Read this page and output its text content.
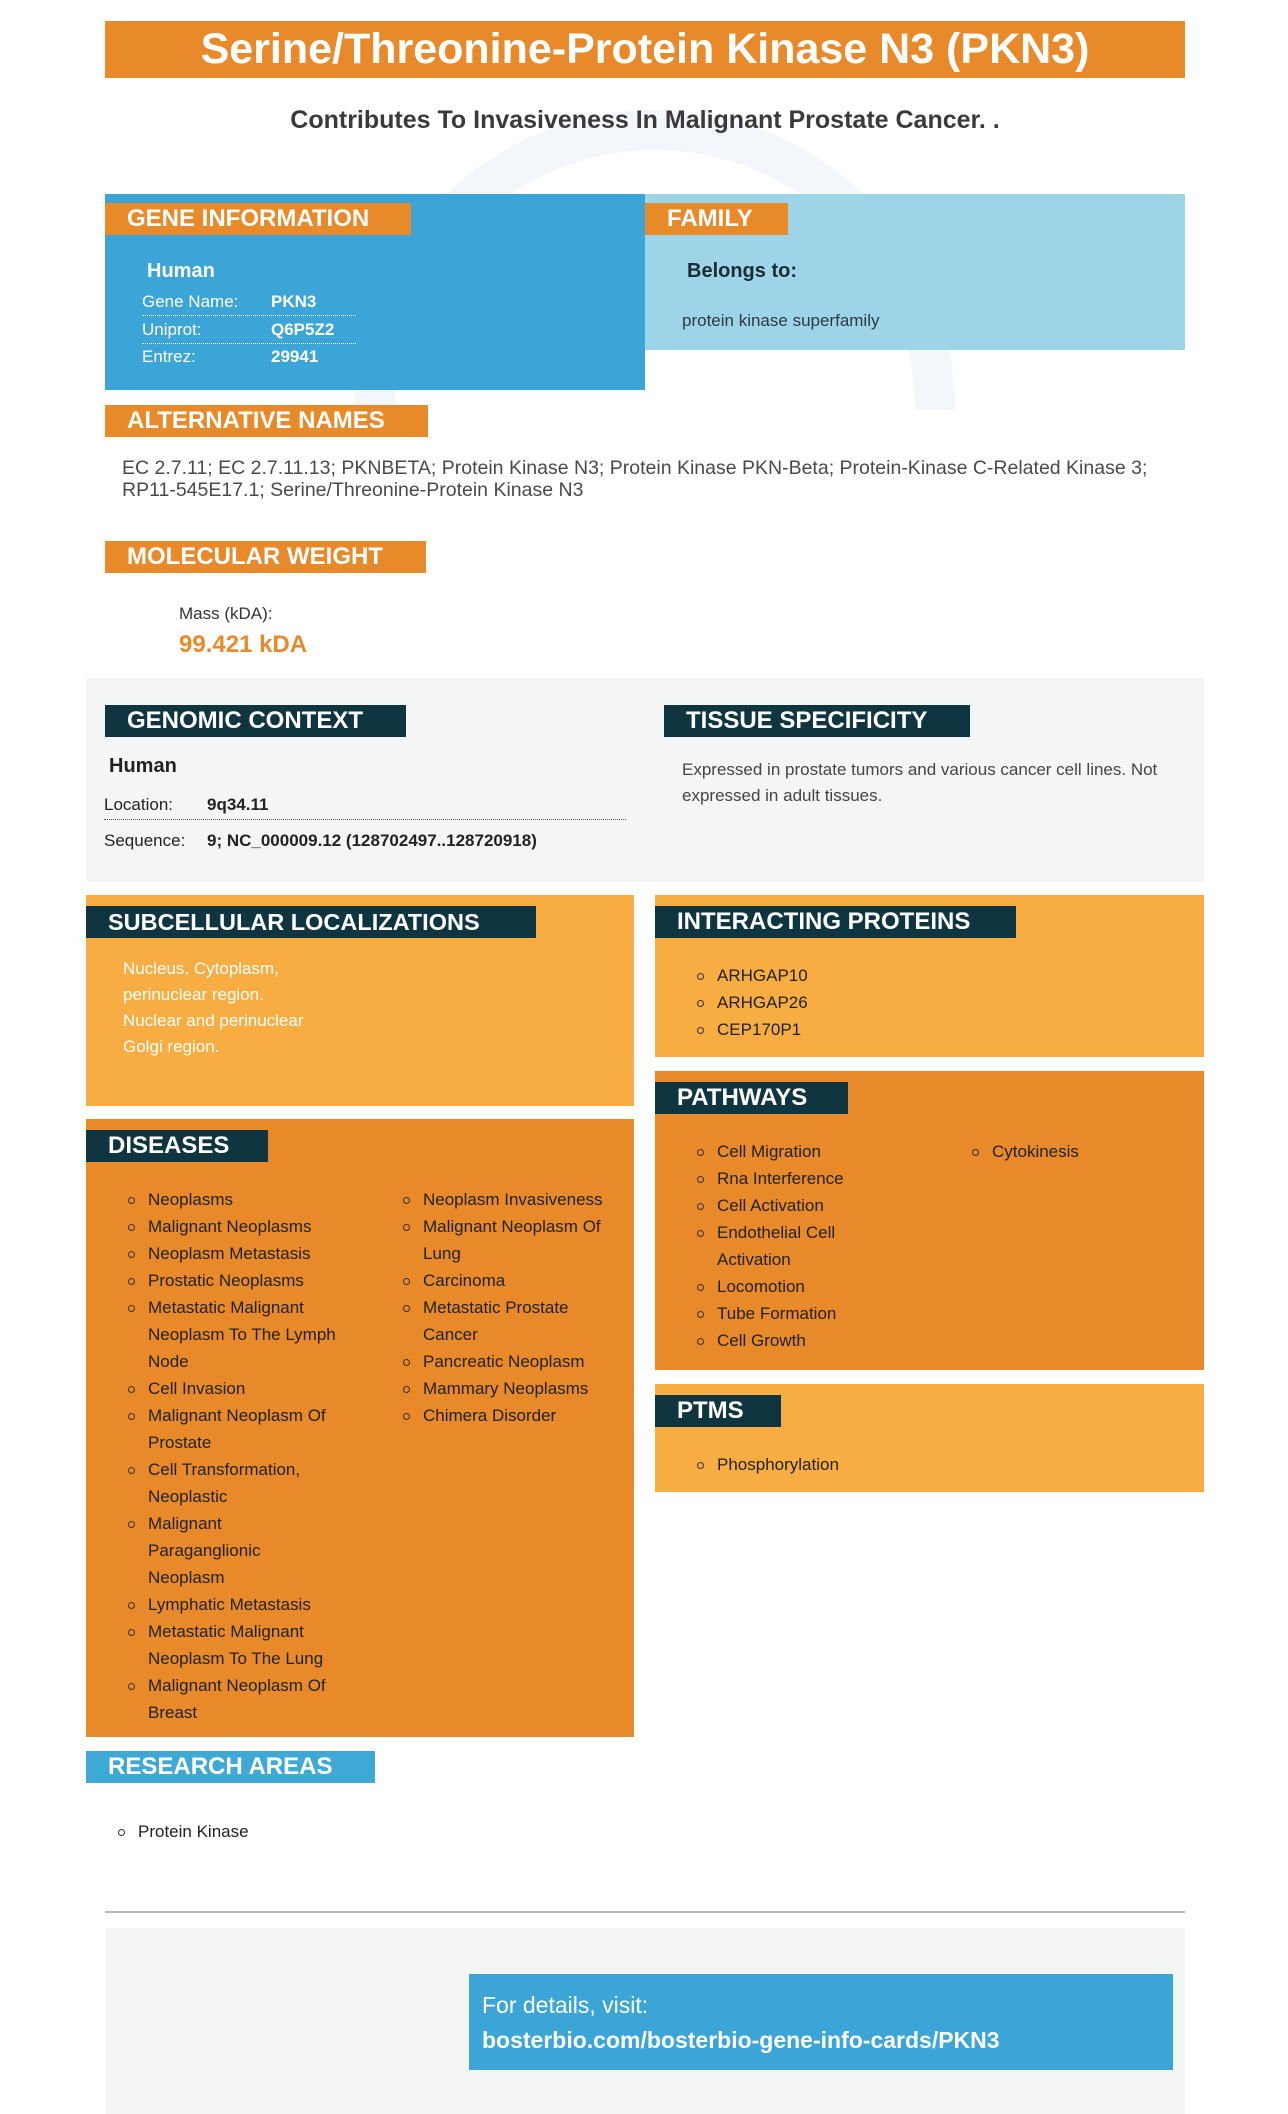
Serine/Threonine-Protein Kinase N3 (PKN3)
Contributes To Invasiveness In Malignant Prostate Cancer. .
GENE INFORMATION
Human
Gene Name: PKN3
Uniprot:	Q6P5Z2
Entrez:	29941
FAMILY
Belongs to:
protein kinase superfamily
ALTERNATIVE NAMES
EC 2.7.11; EC 2.7.11.13; PKNBETA; Protein Kinase N3; Protein Kinase PKN-Beta; Protein-Kinase C-Related Kinase 3; RP11-545E17.1; Serine/Threonine-Protein Kinase N3
MOLECULAR WEIGHT
Mass (kDA):
99.421 kDA
GENOMIC CONTEXT
Human
Location: 9q34.11
Sequence: 9; NC_000009.12 (128702497..128720918)
TISSUE SPECIFICITY
Expressed in prostate tumors and various cancer cell lines. Not expressed in adult tissues.
SUBCELLULAR LOCALIZATIONS
Nucleus. Cytoplasm,
perinuclear region.
Nuclear and perinuclear
Golgi region.
INTERACTING PROTEINS
ARHGAP10
ARHGAP26
CEP170P1
PATHWAYS
Cell Migration
Rna Interference
Cell Activation
Endothelial Cell Activation
Locomotion
Tube Formation
Cell Growth
Cytokinesis
PTMS
Phosphorylation
DISEASES
Neoplasms
Malignant Neoplasms
Neoplasm Metastasis
Prostatic Neoplasms
Metastatic Malignant Neoplasm To The Lymph Node
Cell Invasion
Malignant Neoplasm Of Prostate
Cell Transformation, Neoplastic
Malignant Paraganglionic Neoplasm
Lymphatic Metastasis
Metastatic Malignant Neoplasm To The Lung
Malignant Neoplasm Of Breast
Neoplasm Invasiveness
Malignant Neoplasm Of Lung
Carcinoma
Metastatic Prostate Cancer
Pancreatic Neoplasm
Mammary Neoplasms
Chimera Disorder
RESEARCH AREAS
Protein Kinase
For details, visit:
bosterbio.com/bosterbio-gene-info-cards/PKN3
